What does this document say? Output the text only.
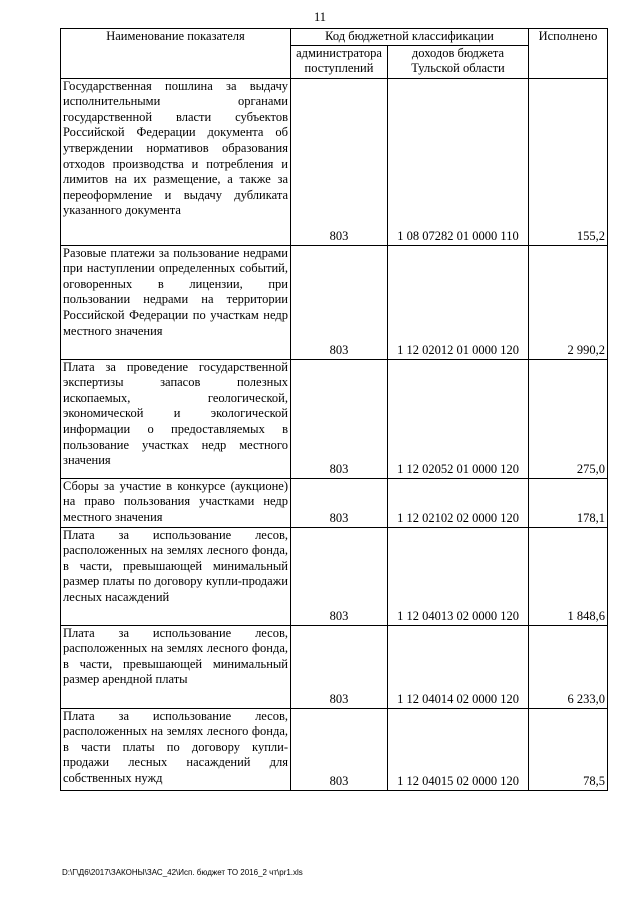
11
Наименование показателя	Код бюджетной классификации		Исполнено
	администратора поступлений	доходов бюджета Тульской области	

Государственная пошлина за выдачу исполнительными органами государственной власти субъектов Российской Федерации документа об утверждении нормативов образования отходов производства и потребления и лимитов на их размещение, а также за переоформление и выдачу дубликата указанного документа	803	1 08 07282 01 0000 110	155,2

Разовые платежи за пользование недрами при наступлении определенных событий, оговоренных в лицензии, при пользовании недрами на территории Российской Федерации по участкам недр местного значения	803	1 12 02012 01 0000 120	2 990,2

Плата за проведение государственной экспертизы запасов полезных ископаемых, геологической, экономической и экологической информации о предоставляемых в пользование участках недр местного значения	803	1 12 02052 01 0000 120	275,0

Сборы за участие в конкурсе (аукционе) на право пользования участками недр местного значения	803	1 12 02102 02 0000 120	178,1

Плата за использование лесов, расположенных на землях лесного фонда, в части, превышающей минимальный размер платы по договору купли-продажи лесных насаждений	803	1 12 04013 02 0000 120	1 848,6

Плата за использование лесов, расположенных на землях лесного фонда, в части, превышающей минимальный размер арендной платы	803	1 12 04014 02 0000 120	6 233,0

Плата за использование лесов, расположенных на землях лесного фонда, в части платы по договору купли-продажи лесных насаждений для собственных нужд	803	1 12 04015 02 0000 120	78,5
D:\Г\Д6\2017\ЗАКОНЫ\ЗАС_42\Исп. бюджет ТО 2016_2 чт\pr1.xls
